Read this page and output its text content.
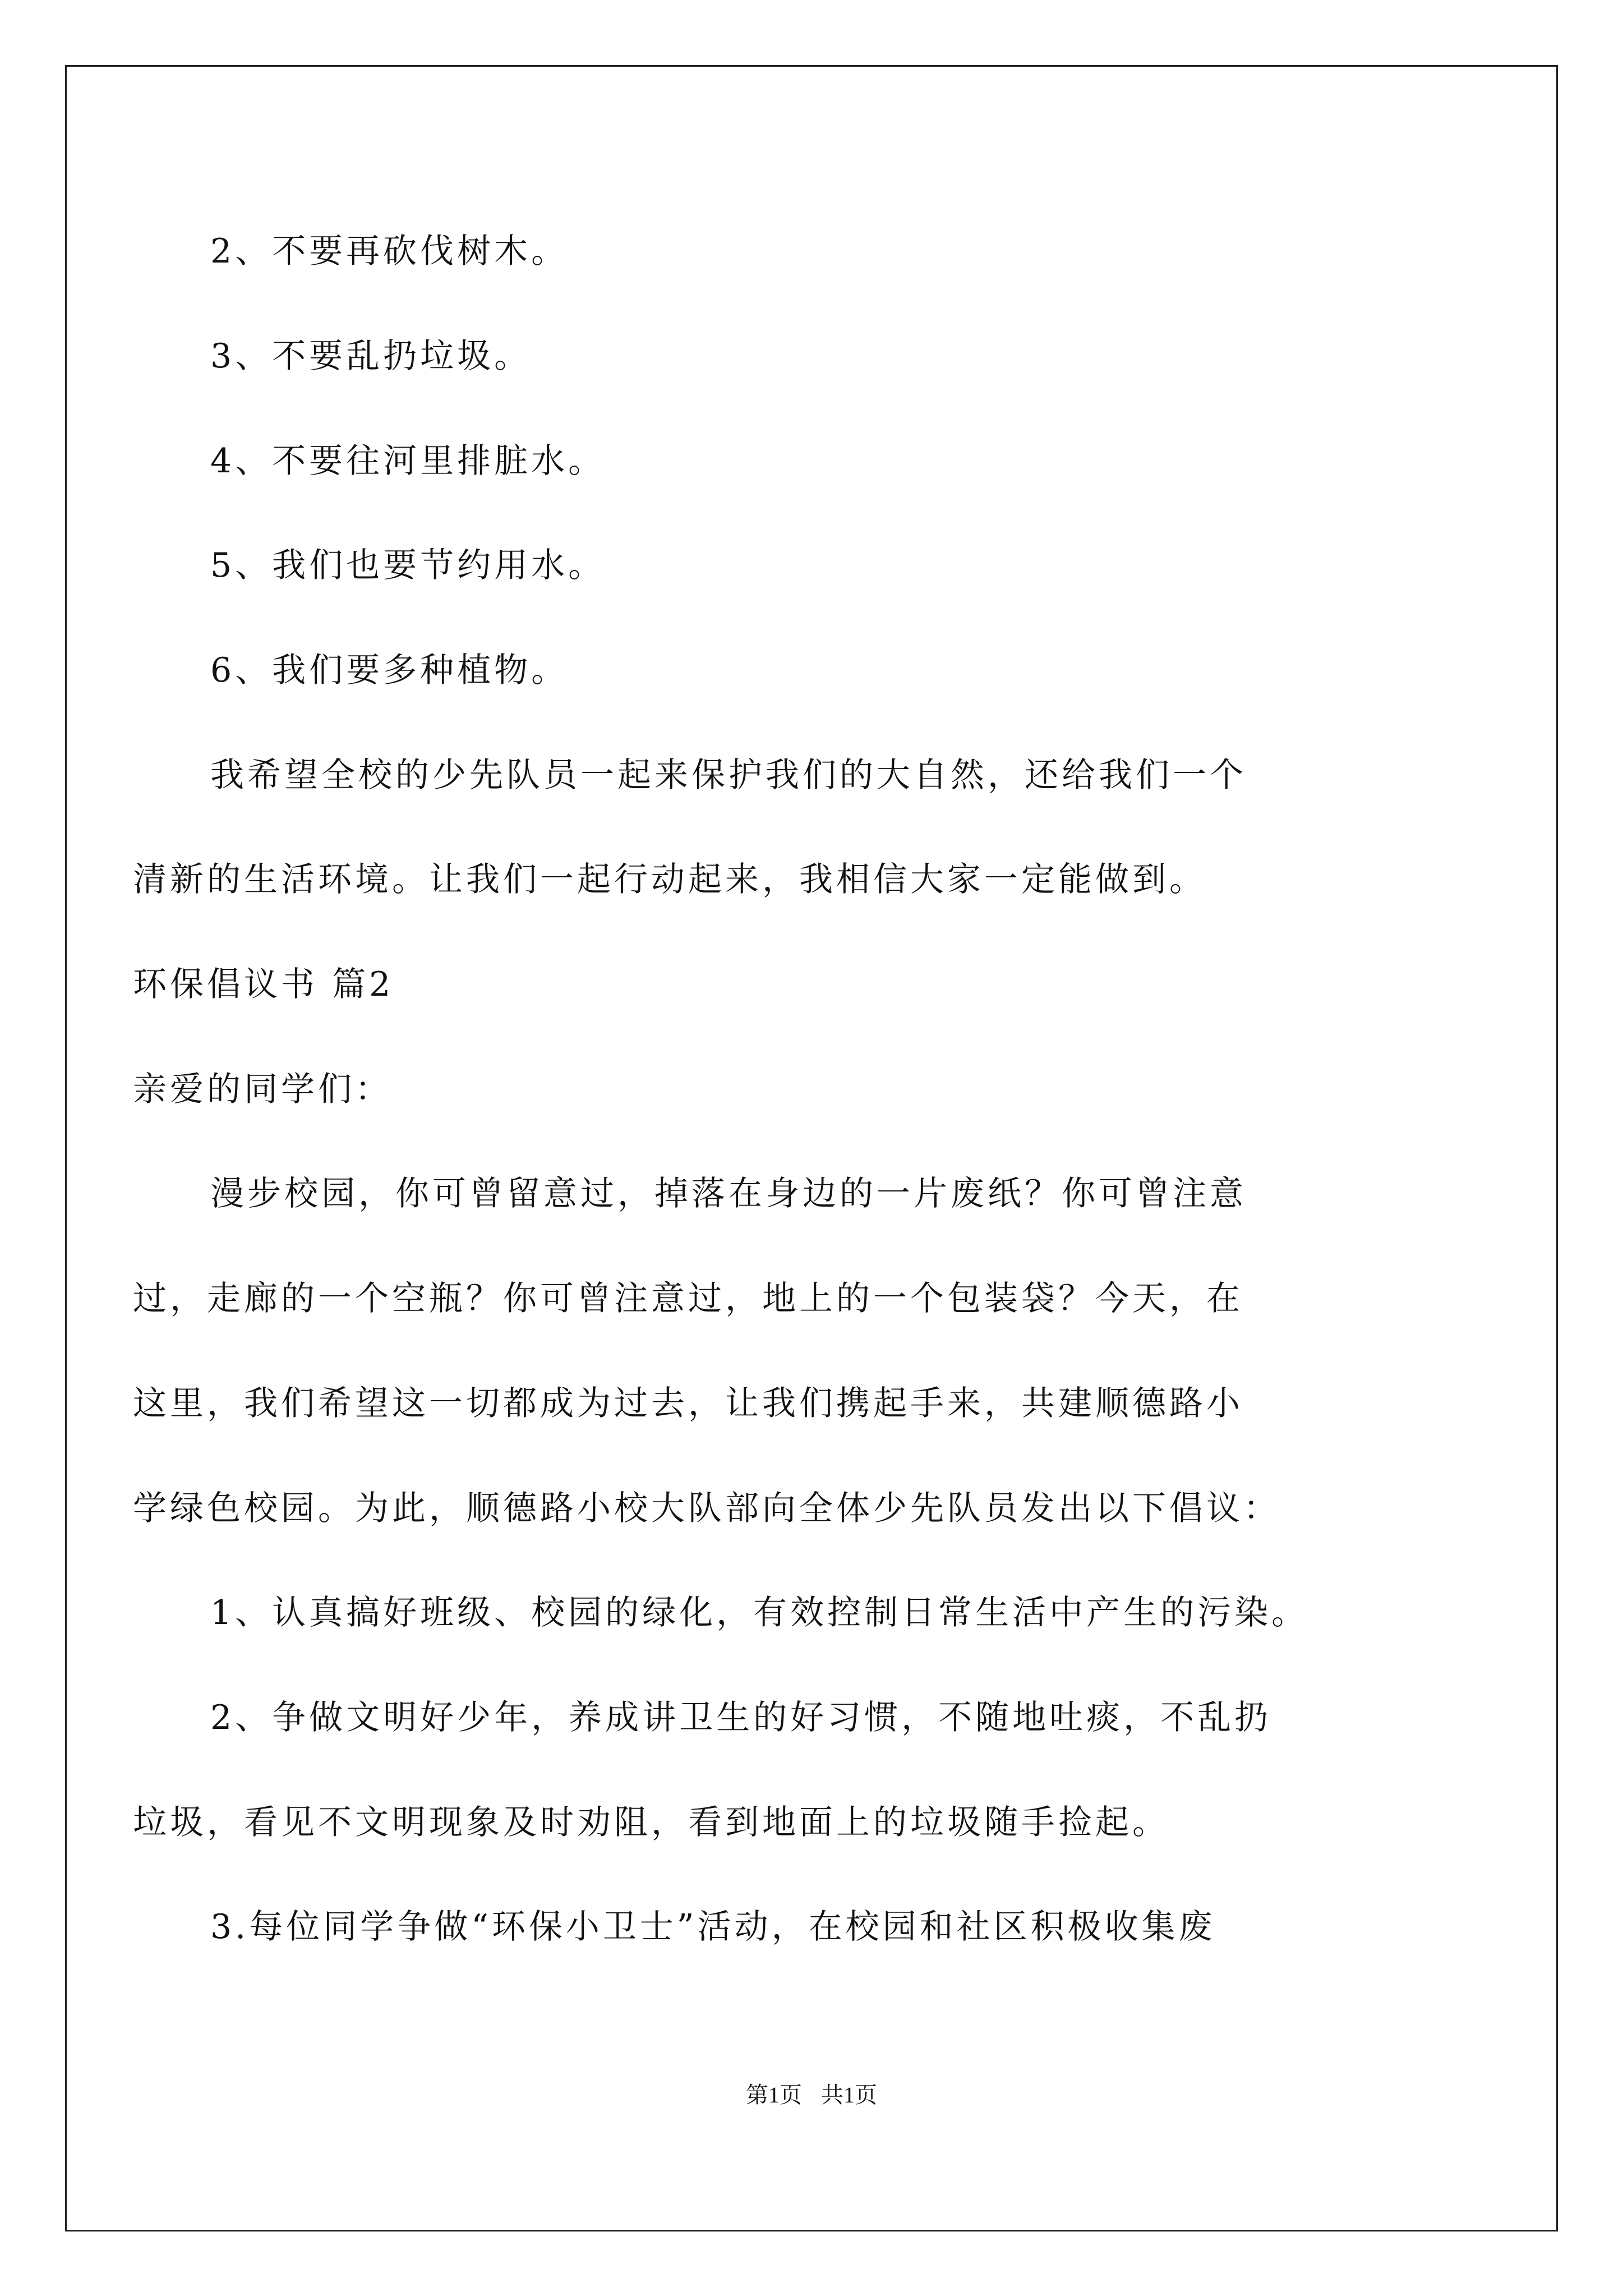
2、不要再砍伐树木。
3、不要乱扔垃圾。
4、不要往河里排脏水。
5、我们也要节约用水。
6、我们要多种植物。
我希望全校的少先队员一起来保护我们的大自然，还给我们一个
清新的生活环境。让我们一起行动起来，我相信大家一定能做到。
环保倡议书 篇2
亲爱的同学们：
漫步校园，你可曾留意过，掉落在身边的一片废纸？你可曾注意
过，走廊的一个空瓶？你可曾注意过，地上的一个包装袋？今天，在
这里，我们希望这一切都成为过去，让我们携起手来，共建顺德路小
学绿色校园。为此，顺德路小校大队部向全体少先队员发出以下倡议：
1、认真搞好班级、校园的绿化，有效控制日常生活中产生的污染。
2、争做文明好少年，养成讲卫生的好习惯，不随地吐痰，不乱扔
垃圾，看见不文明现象及时劝阻，看到地面上的垃圾随手捡起。
3.每位同学争做“环保小卫士”活动，在校园和社区积极收集废
第1页 共1页
